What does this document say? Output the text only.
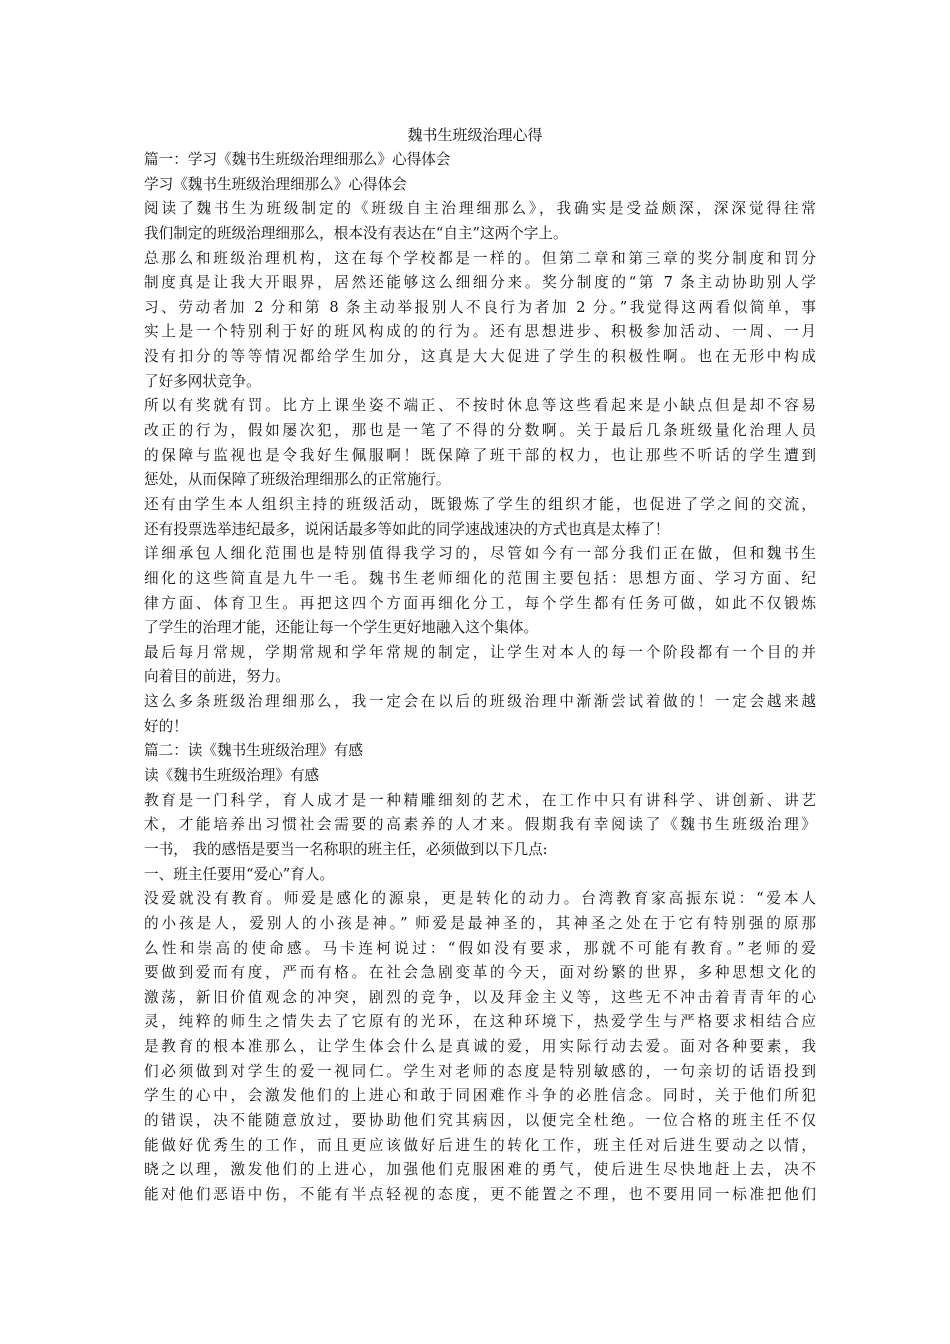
魏书生班级治理心得
篇一：学习《魏书生班级治理细那么》心得体会
学习《魏书生班级治理细那么》心得体会
阅读了魏书生为班级制定的《班级自主治理细那么》，我确实是受益颇深，深深觉得往常
我们制定的班级治理细那么，根本没有表达在“自主”这两个字上。
总那么和班级治理机构，这在每个学校都是一样的。但第二章和第三章的奖分制度和罚分
制度真是让我大开眼界，居然还能够这么细细分来。奖分制度的“第 7 条主动协助别人学
习、劳动者加 2 分和第 8 条主动举报别人不良行为者加 2 分。”我觉得这两看似简单，事
实上是一个特别利于好的班风构成的的行为。还有思想进步、积极参加活动、一周、一月
没有扣分的等等情况都给学生加分，这真是大大促进了学生的积极性啊。也在无形中构成
了好多网状竞争。
所以有奖就有罚。比方上课坐姿不端正、不按时休息等这些看起来是小缺点但是却不容易
改正的行为，假如屡次犯，那也是一笔了不得的分数啊。关于最后几条班级量化治理人员
的保障与监视也是令我好生佩服啊！既保障了班干部的权力，也让那些不听话的学生遭到
惩处，从而保障了班级治理细那么的正常施行。
还有由学生本人组织主持的班级活动，既锻炼了学生的组织才能，也促进了学之间的交流，
还有投票选举违纪最多，说闲话最多等如此的同学速战速决的方式也真是太棒了！
详细承包人细化范围也是特别值得我学习的，尽管如今有一部分我们正在做，但和魏书生
细化的这些简直是九牛一毛。魏书生老师细化的范围主要包括：思想方面、学习方面、纪
律方面、体育卫生。再把这四个方面再细化分工，每个学生都有任务可做，如此不仅锻炼
了学生的治理才能，还能让每一个学生更好地融入这个集体。
最后每月常规，学期常规和学年常规的制定，让学生对本人的每一个阶段都有一个目的并
向着目的前进，努力。
这么多条班级治理细那么，我一定会在以后的班级治理中渐渐尝试着做的！一定会越来越
好的！
篇二：读《魏书生班级治理》有感
读《魏书生班级治理》有感
教育是一门科学，育人成才是一种精雕细刻的艺术，在工作中只有讲科学、讲创新、讲艺
术，才能培养出习惯社会需要的高素养的人才来。假期我有幸阅读了《魏书生班级治理》
一书， 我的感悟是要当一名称职的班主任，必须做到以下几点:
一、班主任要用“爱心”育人。
没爱就没有教育。师爱是感化的源泉，更是转化的动力。台湾教育家高振东说：“爱本人
的小孩是人，爱别人的小孩是神。” 师爱是最神圣的，其神圣之处在于它有特别强的原那
么性和崇高的使命感。马卡连柯说过：“假如没有要求，那就不可能有教育。”老师的爱
要做到爱而有度，严而有格。在社会急剧变革的今天，面对纷繁的世界，多种思想文化的
激荡，新旧价值观念的冲突，剧烈的竞争，以及拜金主义等，这些无不冲击着青青年的心
灵，纯粹的师生之情失去了它原有的光环，在这种环境下，热爱学生与严格要求相结合应
是教育的根本准那么，让学生体会什么是真诚的爱，用实际行动去爱。面对各种要素，我
们必须做到对学生的爱一视同仁。学生对老师的态度是特别敏感的，一句亲切的话语投到
学生的心中，会激发他们的上进心和敢于同困难作斗争的必胜信念。同时，关于他们所犯
的错误，决不能随意放过，要协助他们究其病因，以便完全杜绝。一位合格的班主任不仅
能做好优秀生的工作，而且更应该做好后进生的转化工作，班主任对后进生要动之以情，
晓之以理，激发他们的上进心，加强他们克服困难的勇气，使后进生尽快地赶上去，决不
能对他们恶语中伤，不能有半点轻视的态度，更不能置之不理，也不要用同一标准把他们
